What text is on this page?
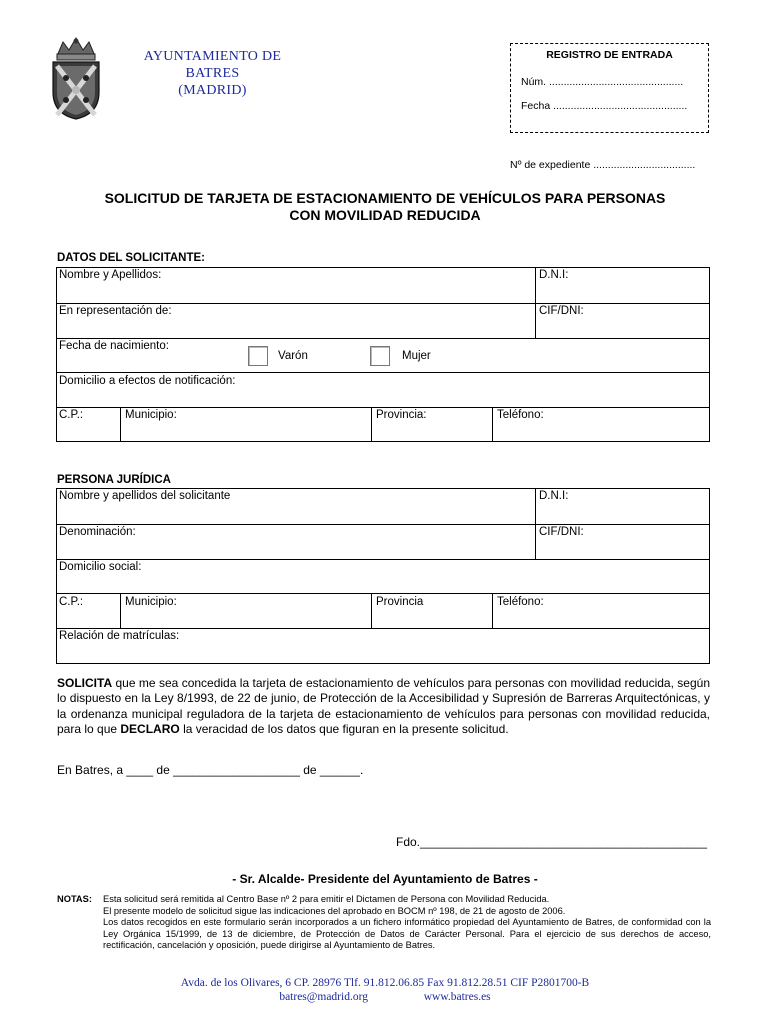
AYUNTAMIENTO DE
BATRES
(MADRID)
REGISTRO DE ENTRADA
Núm. ..............................................
Fecha ..............................................
Nº de expediente ...................................
SOLICITUD DE TARJETA DE ESTACIONAMIENTO DE VEHÍCULOS PARA PERSONAS
CON MOVILIDAD REDUCIDA
DATOS DEL SOLICITANTE:
Nombre y Apellidos:	D.N.I:
En representación de:	CIF/DNI:
Fecha de nacimiento:
Varón	Mujer
Domicilio a efectos de notificación:
C.P.:	Municipio:	Provincia:	Teléfono:
PERSONA JURÍDICA
Nombre y apellidos del solicitante	D.N.I:
Denominación:	CIF/DNI:
Domicilio social:
C.P.:	Municipio:	Provincia	Teléfono:
Relación de matrículas:
SOLICITA que me sea concedida la tarjeta de estacionamiento de vehículos para personas con movilidad reducida, según lo dispuesto en la Ley 8/1993, de 22 de junio, de Protección de la Accesibilidad y Supresión de Barreras Arquitectónicas, y la ordenanza municipal reguladora de la tarjeta de estacionamiento de vehículos para personas con movilidad reducida, para lo que DECLARO la veracidad de los datos que figuran en la presente solicitud.
En Batres, a ____ de ___________________ de ______.
Fdo.___________________________________________
- Sr. Alcalde- Presidente del Ayuntamiento de Batres -
NOTAS: Esta solicitud será remitida al Centro Base nº 2 para emitir el Dictamen de Persona con Movilidad Reducida.
El presente modelo de solicitud sigue las indicaciones del aprobado en BOCM nº 198, de 21 de agosto de 2006.
Los datos recogidos en este formulario serán incorporados a un fichero informático propiedad del Ayuntamiento de Batres, de conformidad con la Ley Orgánica 15/1999, de 13 de diciembre, de Protección de Datos de Carácter Personal. Para el ejercicio de sus derechos de acceso, rectificación, cancelación y oposición, puede dirigirse al Ayuntamiento de Batres.
Avda. de los Olivares, 6 CP. 28976 Tlf. 91.812.06.85 Fax 91.812.28.51 CIF P2801700-B
batres@madrid.org	www.batres.es
